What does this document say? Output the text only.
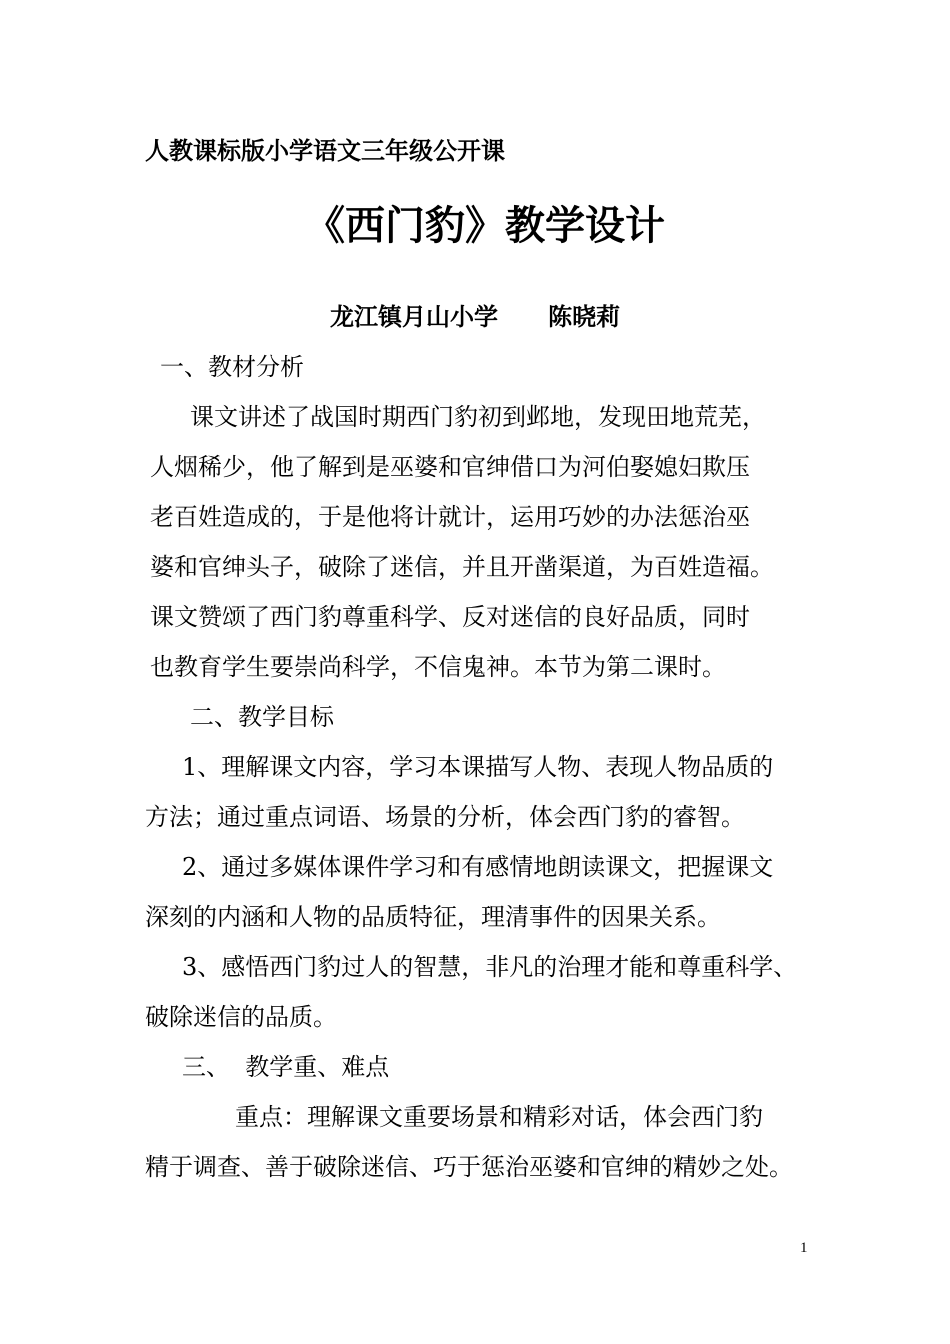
人教课标版小学语文三年级公开课
《西门豹》教学设计
龙江镇月山小学      陈晓莉
一、教材分析
课文讲述了战国时期西门豹初到邺地，发现田地荒芜，
人烟稀少，他了解到是巫婆和官绅借口为河伯娶媳妇欺压
老百姓造成的，于是他将计就计，运用巧妙的办法惩治巫
婆和官绅头子，破除了迷信，并且开凿渠道，为百姓造福。
课文赞颂了西门豹尊重科学、反对迷信的良好品质，同时
也教育学生要崇尚科学，不信鬼神。本节为第二课时。
二、教学目标
1、理解课文内容，学习本课描写人物、表现人物品质的
方法；通过重点词语、场景的分析，体会西门豹的睿智。
2、通过多媒体课件学习和有感情地朗读课文，把握课文
深刻的内涵和人物的品质特征，理清事件的因果关系。
3、感悟西门豹过人的智慧，非凡的治理才能和尊重科学、
破除迷信的品质。
三、  教学重、难点
重点：理解课文重要场景和精彩对话，体会西门豹
精于调查、善于破除迷信、巧于惩治巫婆和官绅的精妙之处。
1
